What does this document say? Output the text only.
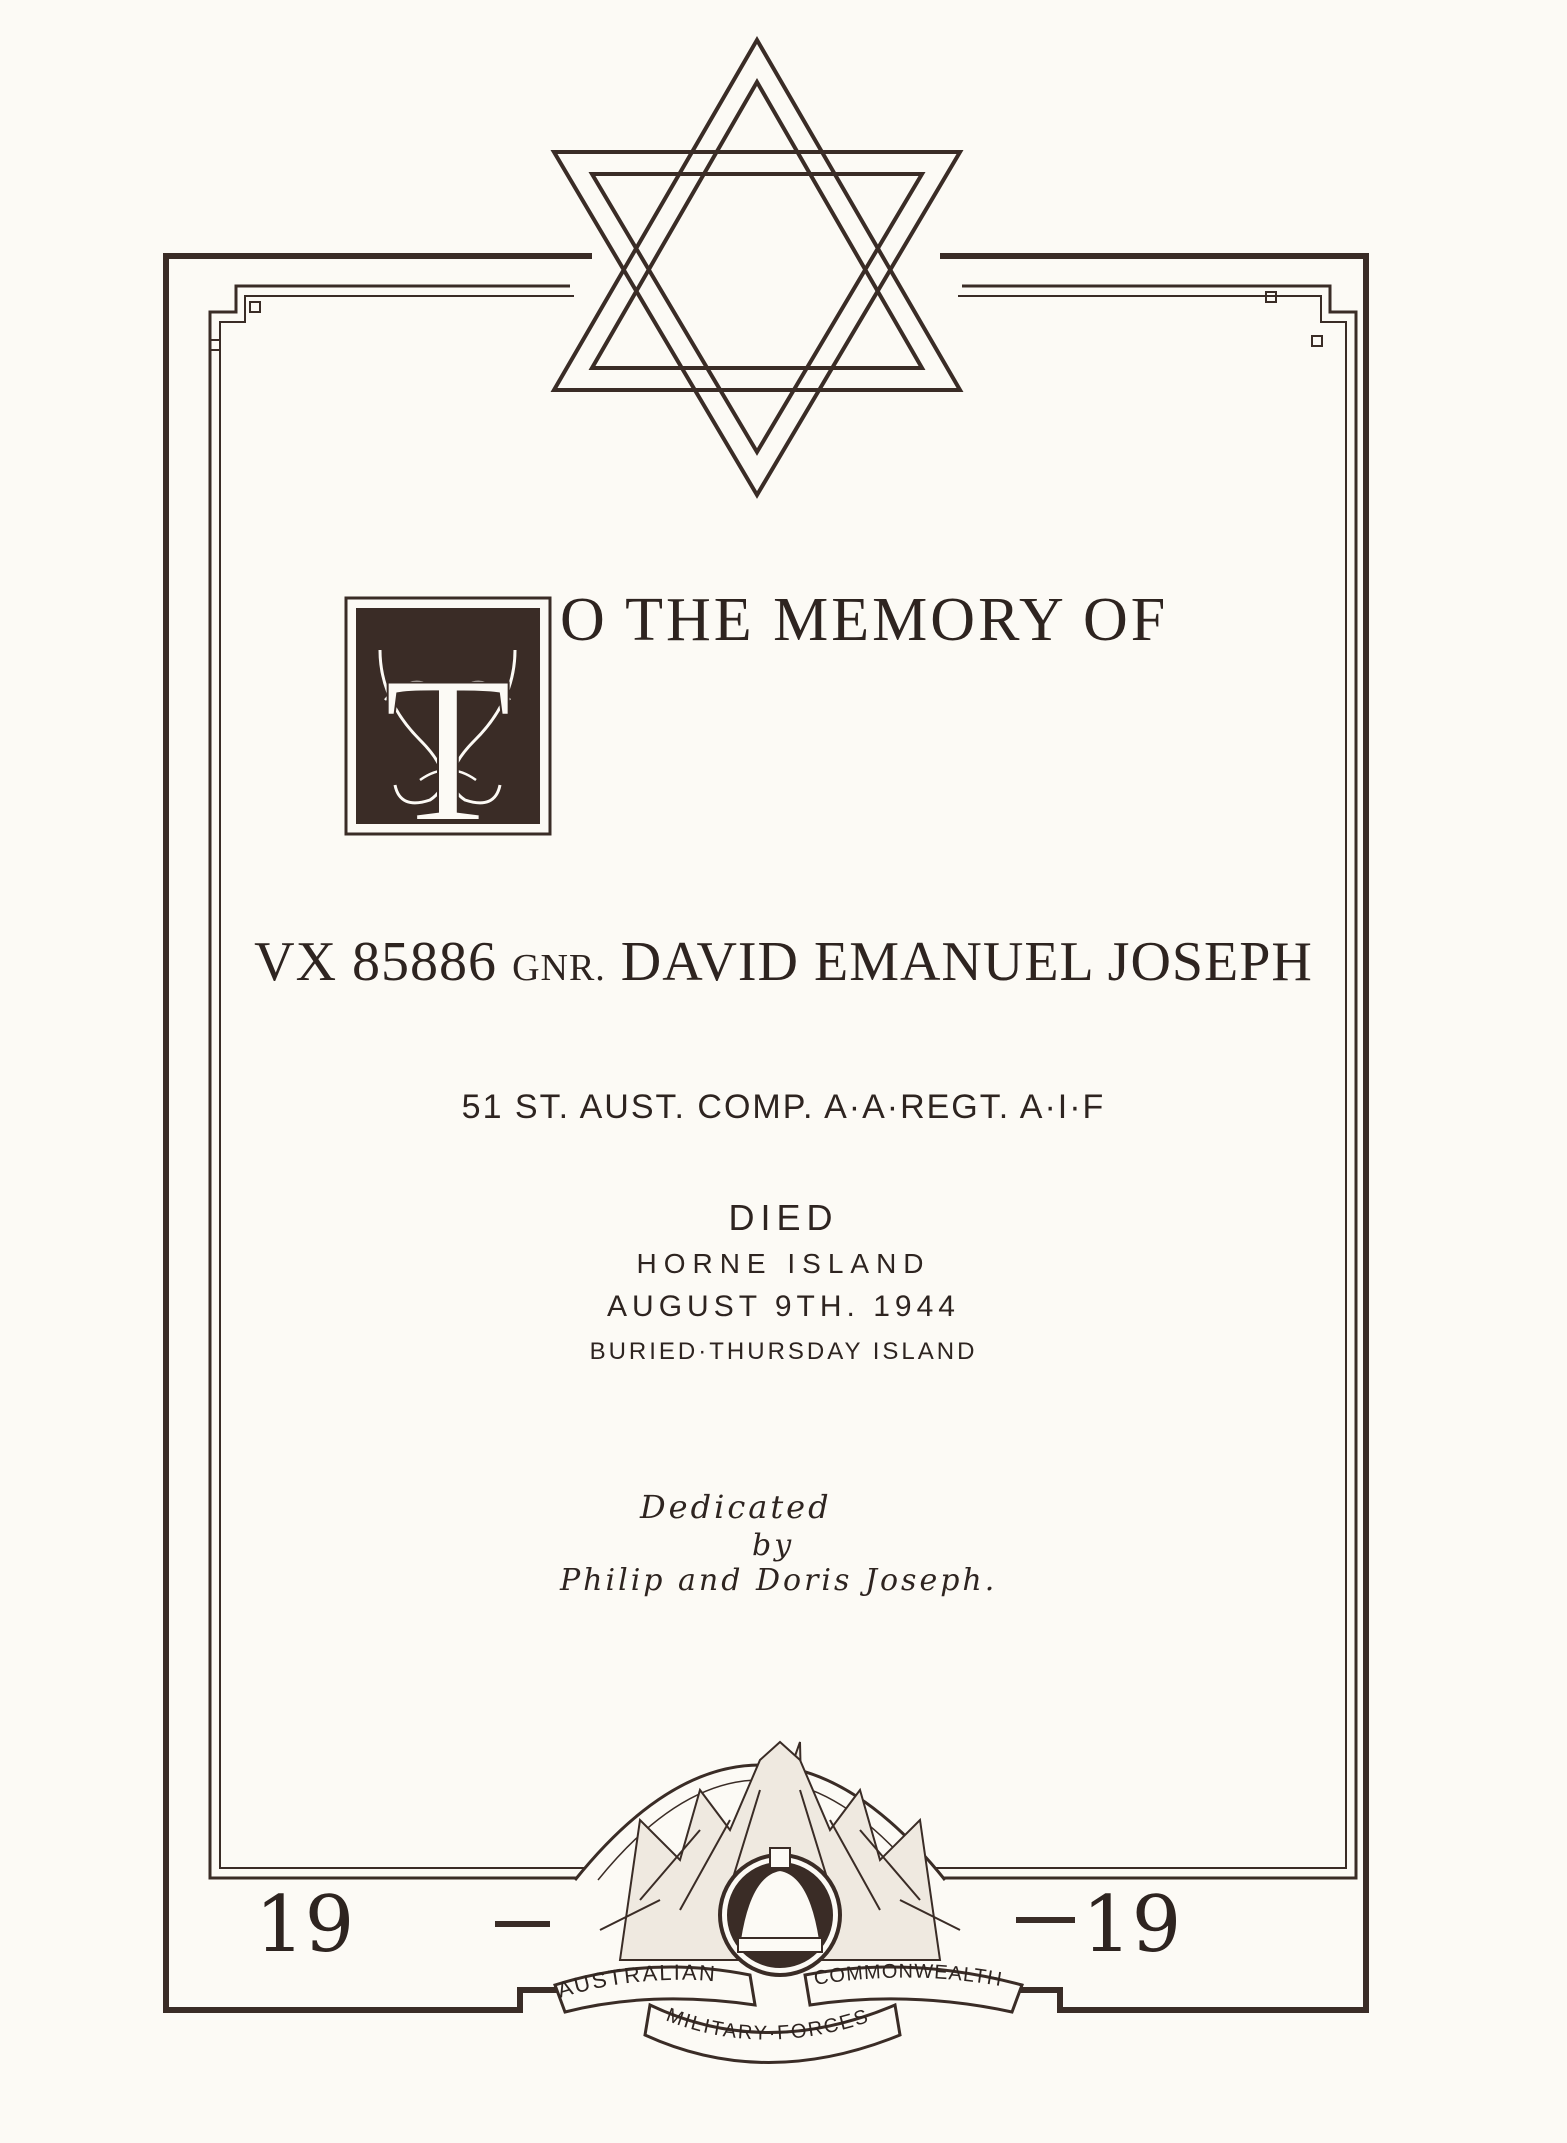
AUSTRALIAN	COMMONWEALTH
MILITARY·FORCES
T
O THE MEMORY OF
VX 85886 GNR. DAVID EMANUEL JOSEPH
51 ST. AUST. COMP. A·A·REGT. A·I·F
DIED
HORNE ISLAND
AUGUST 9TH. 1944
BURIED·THURSDAY ISLAND
Dedicated
by
Philip and Doris Joseph.
19	19
